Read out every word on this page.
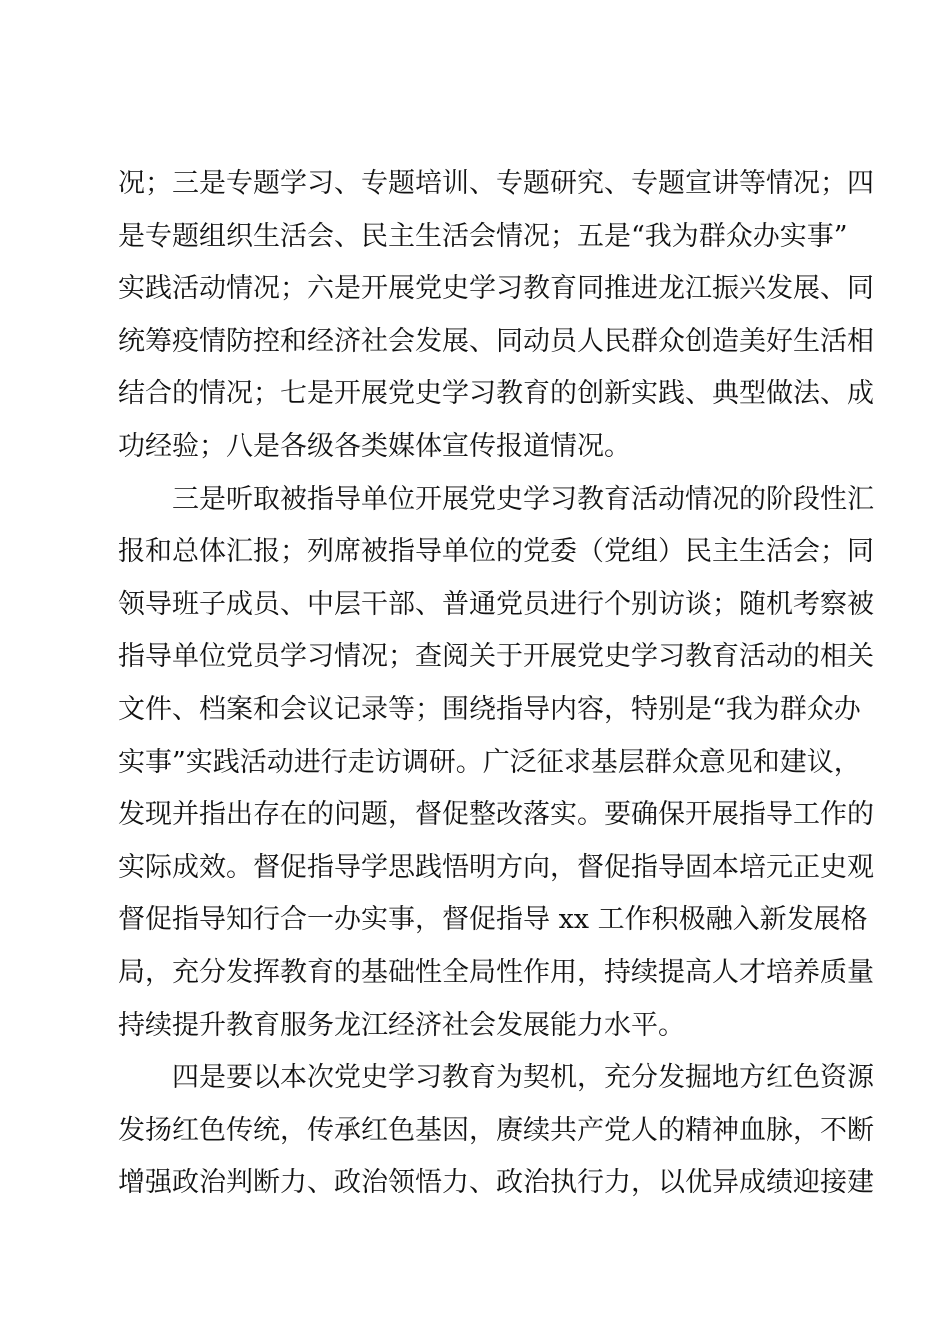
况；三是专题学习、专题培训、专题研究、专题宣讲等情况；四
是专题组织生活会、民主生活会情况；五是“我为群众办实事”
实践活动情况；六是开展党史学习教育同推进龙江振兴发展、同
统筹疫情防控和经济社会发展、同动员人民群众创造美好生活相
结合的情况；七是开展党史学习教育的创新实践、典型做法、成
功经验；八是各级各类媒体宣传报道情况。
三是听取被指导单位开展党史学习教育活动情况的阶段性汇
报和总体汇报；列席被指导单位的党委（党组）民主生活会；同
领导班子成员、中层干部、普通党员进行个别访谈；随机考察被
指导单位党员学习情况；查阅关于开展党史学习教育活动的相关
文件、档案和会议记录等；围绕指导内容，特别是“我为群众办
实事”实践活动进行走访调研。广泛征求基层群众意见和建议，
发现并指出存在的问题，督促整改落实。要确保开展指导工作的
实际成效。督促指导学思践悟明方向，督促指导固本培元正史观
督促指导知行合一办实事，督促指导 xx 工作积极融入新发展格
局，充分发挥教育的基础性全局性作用，持续提高人才培养质量
持续提升教育服务龙江经济社会发展能力水平。
四是要以本次党史学习教育为契机，充分发掘地方红色资源
发扬红色传统，传承红色基因，赓续共产党人的精神血脉，不断
增强政治判断力、政治领悟力、政治执行力，以优异成绩迎接建
